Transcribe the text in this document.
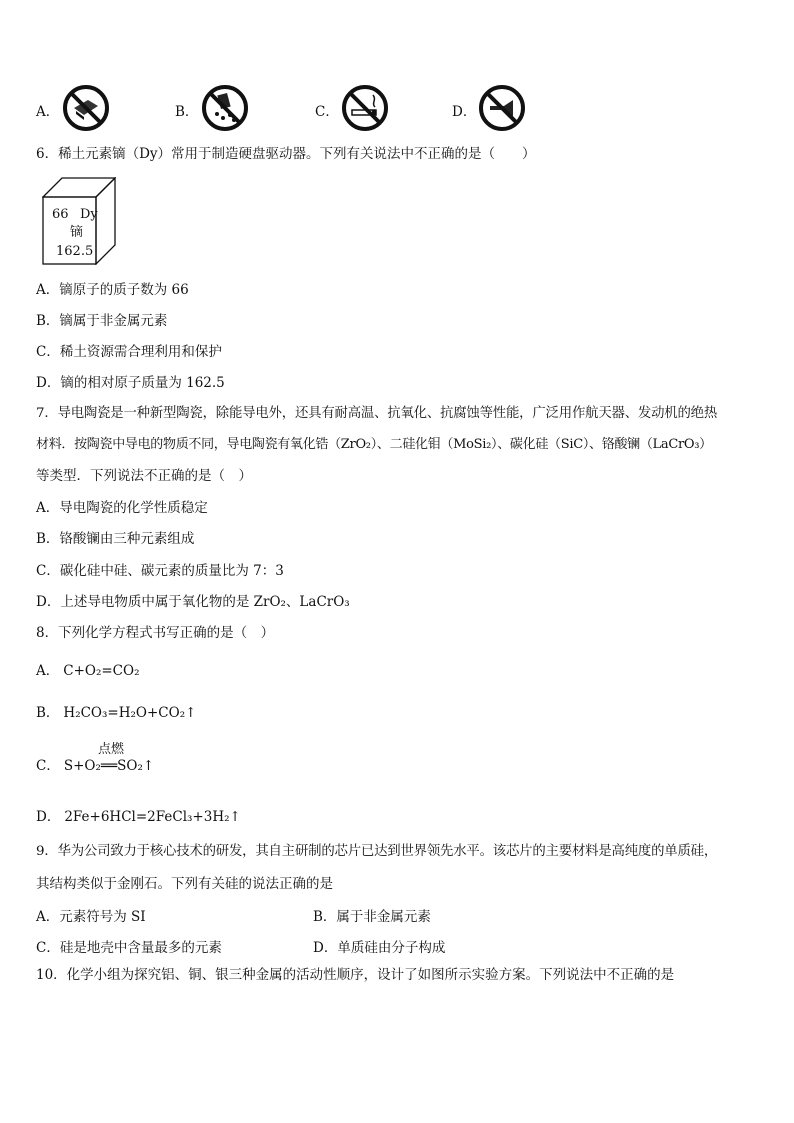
A．	B．	C．	D．
6．稀土元素镝（Dy）常用于制造硬盘驱动器。下列有关说法中不正确的是（　　）
66 Dy
镝
162.5
A．镝原子的质子数为 66
B．镝属于非金属元素
C．稀土资源需合理利用和保护
D．镝的相对原子质量为 162.5
7．导电陶瓷是一种新型陶瓷，除能导电外，还具有耐高温、抗氧化、抗腐蚀等性能，广泛用作航天器、发动机的绝热
材料．按陶瓷中导电的物质不同，导电陶瓷有氧化锆（ZrO₂）、二硅化钼（MoSi₂）、碳化硅（SiC）、铬酸镧（LaCrO₃）
等类型．下列说法不正确的是（　）
A．导电陶瓷的化学性质稳定
B．铬酸镧由三种元素组成
C．碳化硅中硅、碳元素的质量比为 7：3
D．上述导电物质中属于氧化物的是 ZrO₂、LaCrO₃
8．下列化学方程式书写正确的是（　）
A． C+O₂=CO₂
B． H₂CO₃=H₂O+CO₂↑
点燃
C． S+O₂══SO₂↑
D． 2Fe+6HCl=2FeCl₃+3H₂↑
9．华为公司致力于核心技术的研发，其自主研制的芯片已达到世界领先水平。该芯片的主要材料是高纯度的单质硅，
其结构类似于金刚石。下列有关硅的说法正确的是
A．元素符号为 SI	B．属于非金属元素
C．硅是地壳中含量最多的元素	D．单质硅由分子构成
10．化学小组为探究铝、铜、银三种金属的活动性顺序，设计了如图所示实验方案。下列说法中不正确的是
